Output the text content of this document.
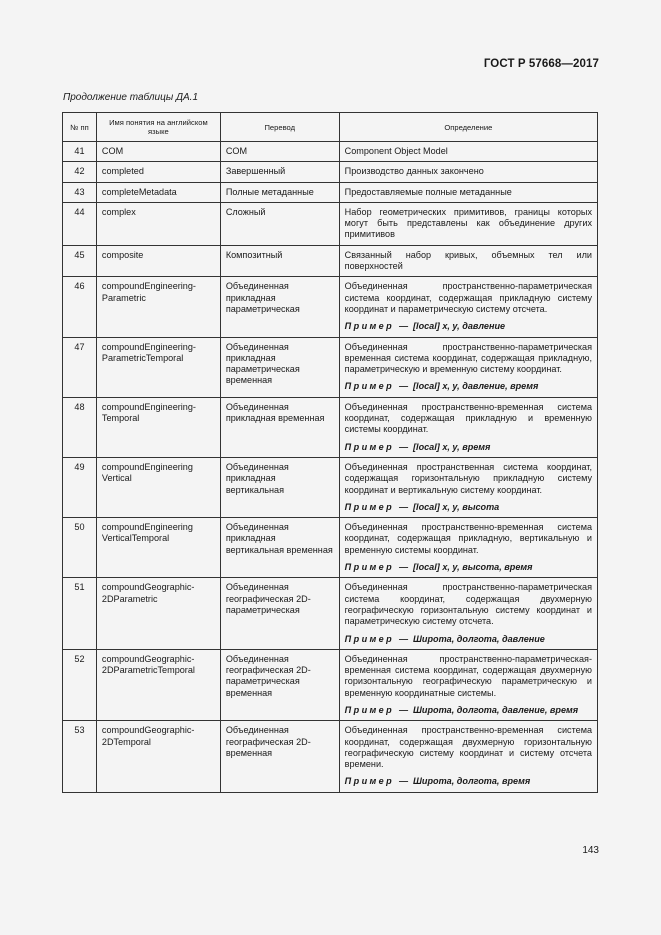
ГОСТ Р 57668—2017
Продолжение таблицы ДА.1
№ пп	Имя понятия на английском языке	Перевод	Определение
41	COM	COM	Component Object Model
42	completed	Завершенный	Производство данных закончено
43	completeMetadata	Полные метаданные	Предоставляемые полные метаданные
44	complex	Сложный	Набор геометрических примитивов, границы которых могут быть представлены как объединение других примитивов
45	composite	Композитный	Связанный набор кривых, объемных тел или поверхностей
46	compoundEngineering-Parametric	Объединенная прикладная параметрическая	Объединенная пространственно-параметрическая система координат, содержащая прикладную систему координат и параметрическую систему отсчета.
Пример — [local] x, y, давление

47	compoundEngineering-ParametricTemporal	Объединенная прикладная параметрическая временная	Объединенная пространственно-параметрическая временная система координат, содержащая прикладную, параметрическую и временную систему координат.
Пример — [local] x, y, давление, время

48	compoundEngineering-Temporal	Объединенная прикладная временная	Объединенная пространственно-временная система координат, содержащая прикладную и временную системы координат.
Пример — [local] x, y, время

49	compoundEngineering Vertical	Объединенная прикладная вертикальная	Объединенная пространственная система координат, содержащая горизонтальную прикладную систему координат и вертикальную систему координат.
Пример — [local] x, y, высота

50	compoundEngineering VerticalTemporal	Объединенная прикладная вертикальная временная	Объединенная пространственно-временная система координат, содержащая прикладную, вертикальную и временную системы координат.
Пример — [local] x, y, высота, время

51	compoundGeographic-2DParametric	Объединенная географическая 2D-параметрическая	Объединенная пространственно-параметрическая система координат, содержащая двухмерную географическую горизонтальную систему координат и параметрическую систему отсчета.
Пример — Широта, долгота, давление

52	compoundGeographic-2DParametricTemporal	Объединенная географическая 2D-параметрическая временная	Объединенная пространственно-параметрическая-временная система координат, содержащая двухмерную горизонтальную географическую параметрическую и временную координатные системы.
Пример — Широта, долгота, давление, время

53	compoundGeographic-2DTemporal	Объединенная географическая 2D-временная	Объединенная пространственно-временная система координат, содержащая двухмерную горизонтальную географическую систему координат и систему отсчета времени.
Пример — Широта, долгота, время
143
